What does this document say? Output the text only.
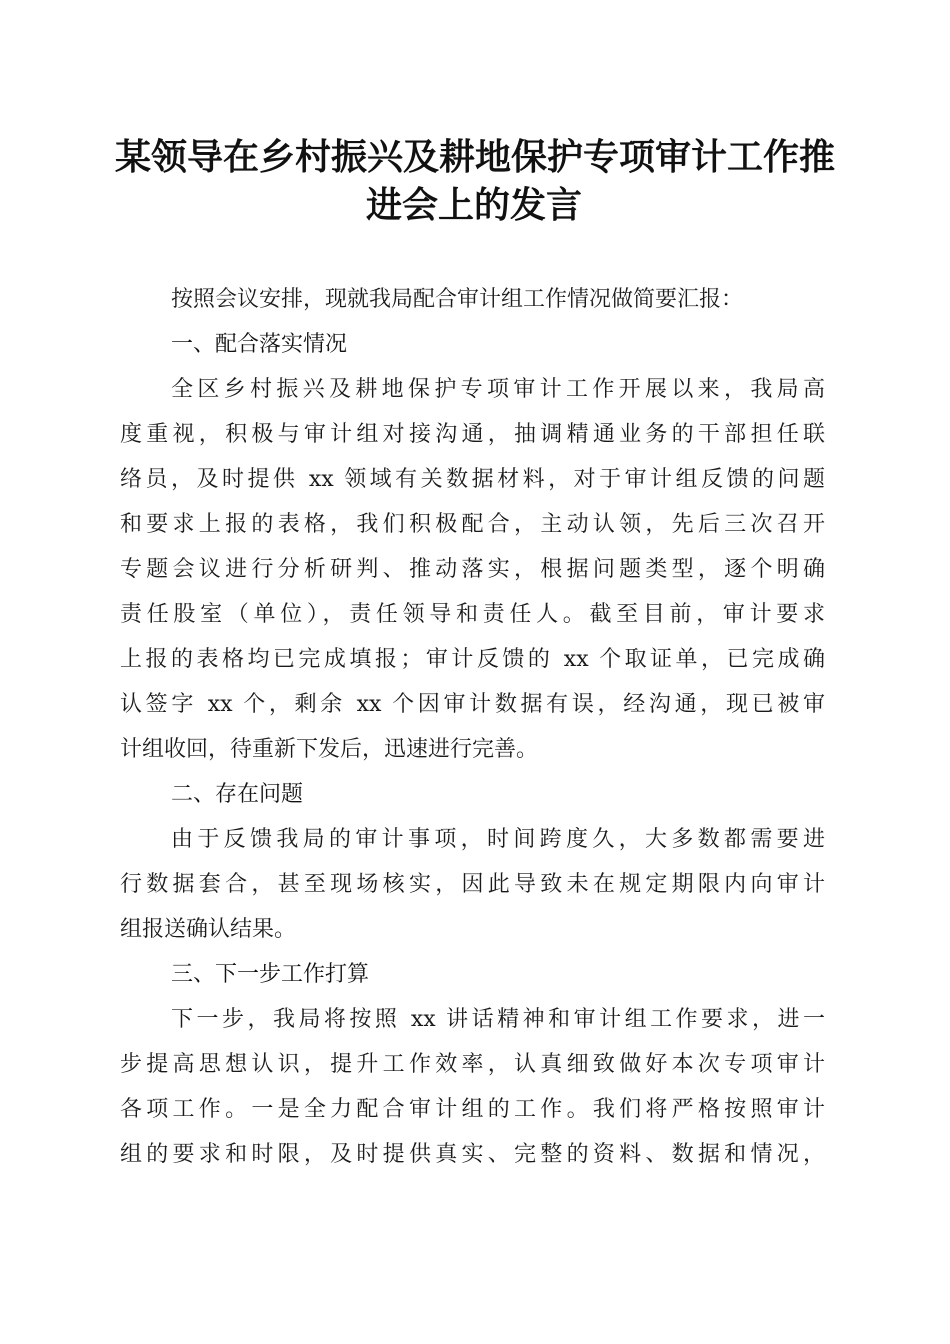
某领导在乡村振兴及耕地保护专项审计工作推
进会上的发言
按照会议安排，现就我局配合审计组工作情况做简要汇报：
一、配合落实情况
全区乡村振兴及耕地保护专项审计工作开展以来，我局高
度重视，积极与审计组对接沟通，抽调精通业务的干部担任联
络员，及时提供 xx 领域有关数据材料，对于审计组反馈的问题
和要求上报的表格，我们积极配合，主动认领，先后三次召开
专题会议进行分析研判、推动落实，根据问题类型，逐个明确
责任股室（单位），责任领导和责任人。截至目前，审计要求
上报的表格均已完成填报；审计反馈的 xx 个取证单，已完成确
认签字 xx 个，剩余 xx 个因审计数据有误，经沟通，现已被审
计组收回，待重新下发后，迅速进行完善。
二、存在问题
由于反馈我局的审计事项，时间跨度久，大多数都需要进
行数据套合，甚至现场核实，因此导致未在规定期限内向审计
组报送确认结果。
三、下一步工作打算
下一步，我局将按照 xx 讲话精神和审计组工作要求，进一
步提高思想认识，提升工作效率，认真细致做好本次专项审计
各项工作。一是全力配合审计组的工作。我们将严格按照审计
组的要求和时限，及时提供真实、完整的资料、数据和情况，
